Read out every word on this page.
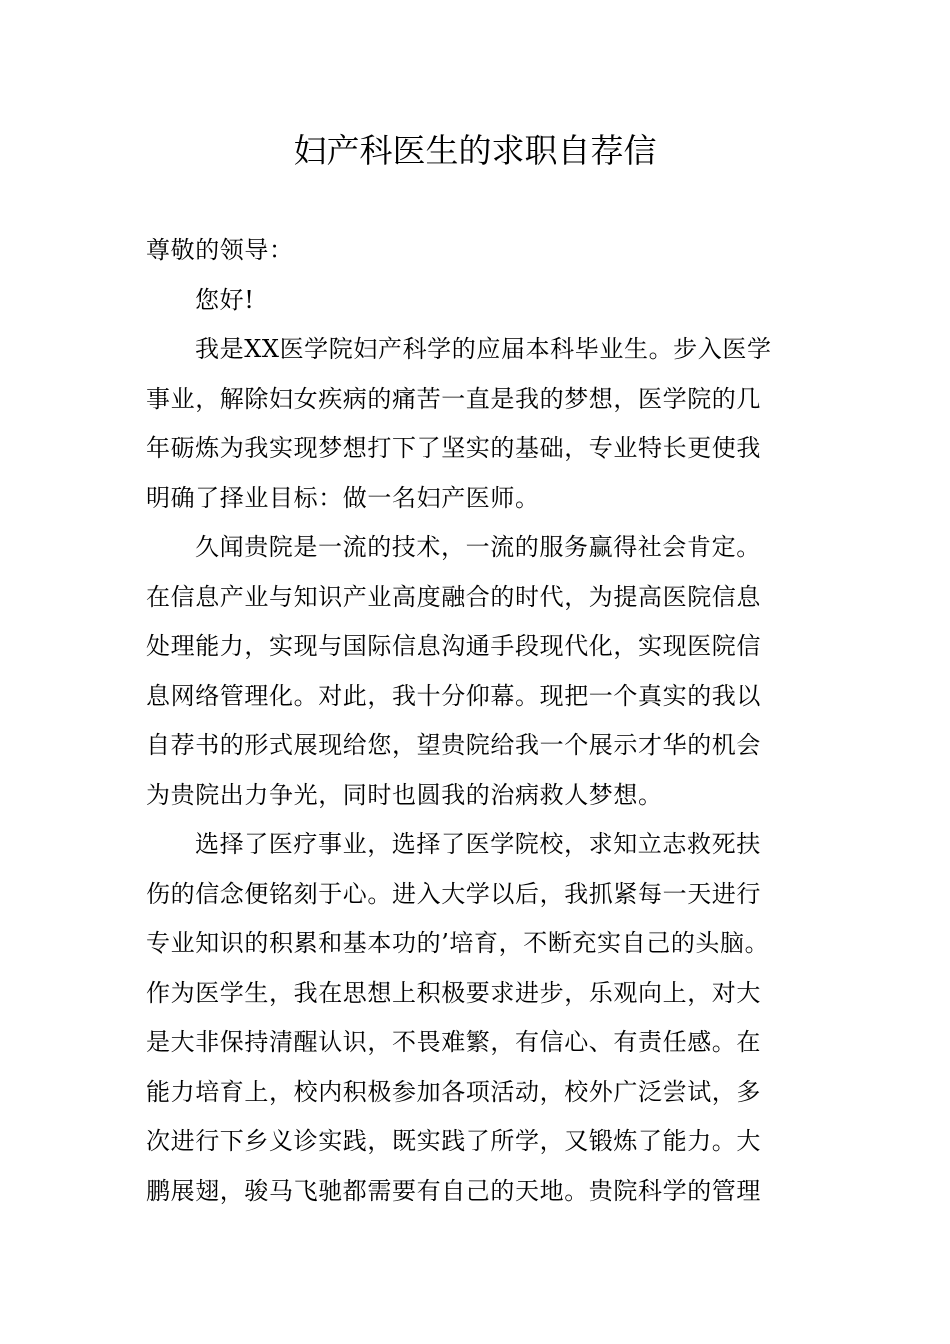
妇产科医生的求职自荐信
尊敬的领导：
您好!
我是XX医学院妇产科学的应届本科毕业生。步入医学
事业，解除妇女疾病的痛苦一直是我的梦想，医学院的几
年砺炼为我实现梦想打下了坚实的基础，专业特长更使我
明确了择业目标：做一名妇产医师。
久闻贵院是一流的技术，一流的服务赢得社会肯定。
在信息产业与知识产业高度融合的时代，为提高医院信息
处理能力，实现与国际信息沟通手段现代化，实现医院信
息网络管理化。对此，我十分仰幕。现把一个真实的我以
自荐书的形式展现给您，望贵院给我一个展示才华的机会
为贵院出力争光，同时也圆我的治病救人梦想。
选择了医疗事业，选择了医学院校，求知立志救死扶
伤的信念便铭刻于心。进入大学以后，我抓紧每一天进行
专业知识的积累和基本功的’培育，不断充实自己的头脑。
作为医学生，我在思想上积极要求进步，乐观向上，对大
是大非保持清醒认识，不畏难繁，有信心、有责任感。在
能力培育上，校内积极参加各项活动，校外广泛尝试，多
次进行下乡义诊实践，既实践了所学，又锻炼了能力。大
鹏展翅，骏马飞驰都需要有自己的天地。贵院科学的管理
